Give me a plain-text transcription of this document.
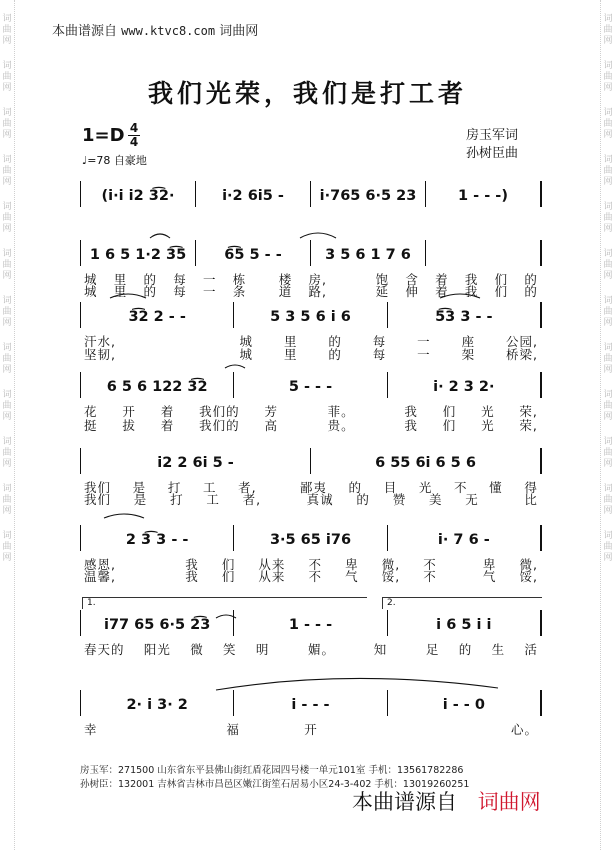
词
曲
网
词
曲
网
词
曲
网
词
曲
网
词
曲
网
词
曲
网
词
曲
网
词
曲
网
词
曲
网
词
曲
网
词
曲
网
词
曲
网
词
曲
网
词
曲
网
词
曲
网
词
曲
网
词
曲
网
词
曲
网
词
曲
网
词
曲
网
词
曲
网
词
曲
网
词
曲
网
词
曲
网
本曲谱源自 www.ktvc8.com 词曲网
我们光荣，我们是打工者
1=D 4
4
♩=78 自豪地
房玉军词
孙树臣曲
(i·i i2 3͡2·	i·2 6i5 - i·765 6·5 23	1 - - -)
1 6 5 1·2 3͡5	6͡5 5 - -	3 5 6 1 7 6
城 里 的 每 一 栋	楼 房,	饱 含 着 我 们 的
城 里 的 每 一 条	道 路,	延 伸 着 我 们 的
3͡2 2 - -	5 3 5 6 i 6	5͡3 3 - -
汗水,	城 里 的 每 一 座 公园,
坚韧,	城 里 的 每 一 架 桥梁,
6 5 6 122 3͡2	5 - - -	i· 2 3 2·
花 开 着 我们的 芳	菲。	我 们 光 荣,
挺 拔 着 我们的 高	贵。	我 们 光 荣,
i2 2 6i 5 -	6 55 6i 6 5 6
我们 是 打 工 者,	鄙夷 的 目 光 不 懂 得
我们 是 打 工 者,	真诚 的 赞 美 无	比
2 3͡ 3 - -	3·5 65 i76	i· 7 6 -
感恩,	我 们 从来 不 卑 微, 不	卑 微,
温馨,	我 们 从来 不 气 馁, 不	气 馁,
i77 65 6·5 2͡3	1 - - -	i 6 5 i i
春天的 阳光 微 笑 明	媚。	知	足 的 生 活
2· i 3· 2	i - - -	i - - 0
幸	福	开	心。
1.	2.
房玉军：271500 山东省东平县佛山街红盾花园四号楼一单元101室 手机：13561782286
孙树臣：132001 吉林省吉林市昌邑区嫩江街笙石居易小区24-3-402 手机：13019260251
本曲谱源自 词曲网
